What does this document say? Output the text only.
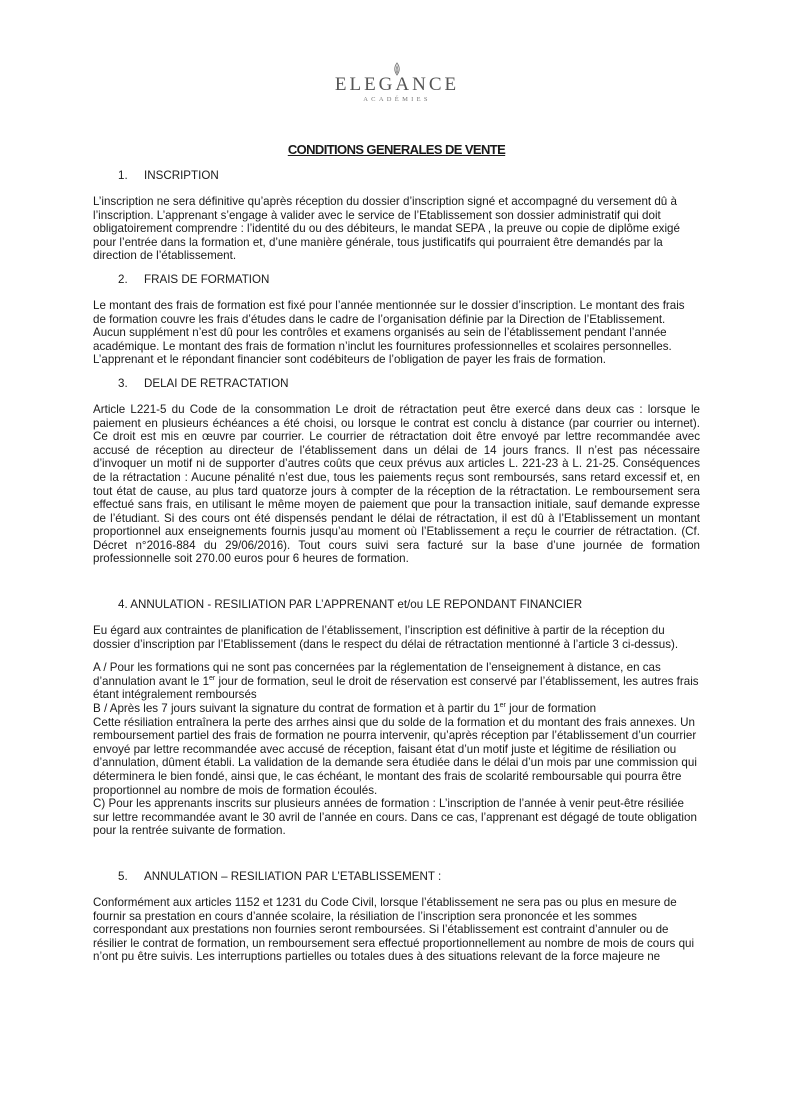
ELEGANCE
ACADÉMIES
CONDITIONS GENERALES DE VENTE
1. INSCRIPTION

L’inscription ne sera définitive qu’après réception du dossier d’inscription signé et accompagné du versement dû à l’inscription. L’apprenant s’engage à valider avec le service de l’Etablissement son dossier administratif qui doit obligatoirement comprendre : l’identité du ou des débiteurs, le mandat SEPA , la preuve ou copie de diplôme exigé pour l’entrée dans la formation et, d’une manière générale, tous justificatifs qui pourraient être demandés par la direction de l’établissement.

2. FRAIS DE FORMATION

Le montant des frais de formation est fixé pour l’année mentionnée sur le dossier d’inscription. Le montant des frais de formation couvre les frais d’études dans le cadre de l’organisation définie par la Direction de l’Etablissement. Aucun supplément n’est dû pour les contrôles et examens organisés au sein de l’établissement pendant l’année académique. Le montant des frais de formation n’inclut les fournitures professionnelles et scolaires personnelles. L’apprenant et le répondant financier sont codébiteurs de l’obligation de payer les frais de formation.

3. DELAI DE RETRACTATION

Article L221-5 du Code de la consommation Le droit de rétractation peut être exercé dans deux cas : lorsque le paiement en plusieurs échéances a été choisi, ou lorsque le contrat est conclu à distance (par courrier ou internet). Ce droit est mis en œuvre par courrier. Le courrier de rétractation doit être envoyé par lettre recommandée avec accusé de réception au directeur de l’établissement dans un délai de 14 jours francs. Il n’est pas nécessaire d’invoquer un motif ni de supporter d’autres coûts que ceux prévus aux articles L. 221-23 à L. 21-25. Conséquences de la rétractation : Aucune pénalité n’est due, tous les paiements reçus sont remboursés, sans retard excessif et, en tout état de cause, au plus tard quatorze jours à compter de la réception de la rétractation. Le remboursement sera effectué sans frais, en utilisant le même moyen de paiement que pour la transaction initiale, sauf demande expresse de l’étudiant. Si des cours ont été dispensés pendant le délai de rétractation, il est dû à l’Etablissement un montant proportionnel aux enseignements fournis jusqu’au moment où l’Etablissement a reçu le courrier de rétractation. (Cf. Décret n°2016-884 du 29/06/2016). Tout cours suivi sera facturé sur la base d’une journée de formation professionnelle soit 270.00 euros pour 6 heures de formation.

4. ANNULATION - RESILIATION PAR L’APPRENANT et/ou LE REPONDANT FINANCIER

Eu égard aux contraintes de planification de l’établissement, l’inscription est définitive à partir de la réception du dossier d’inscription par l’Etablissement (dans le respect du délai de rétractation mentionné à l’article 3 ci-dessus).

A / Pour les formations qui ne sont pas concernées par la réglementation de l’enseignement à distance, en cas d’annulation avant le 1er jour de formation, seul le droit de réservation est conservé par l’établissement, les autres frais étant intégralement remboursés

B / Après les 7 jours suivant la signature du contrat de formation et à partir du 1er jour de formation

Cette résiliation entraînera la perte des arrhes ainsi que du solde de la formation et du montant des frais annexes. Un remboursement partiel des frais de formation ne pourra intervenir, qu’après réception par l’établissement d’un courrier envoyé par lettre recommandée avec accusé de réception, faisant état d’un motif juste et légitime de résiliation ou d’annulation, dûment établi. La validation de la demande sera étudiée dans le délai d’un mois par une commission qui déterminera le bien fondé, ainsi que, le cas échéant, le montant des frais de scolarité remboursable qui pourra être proportionnel au nombre de mois de formation écoulés.

C) Pour les apprenants inscrits sur plusieurs années de formation : L’inscription de l’année à venir peut-être résiliée sur lettre recommandée avant le 30 avril de l’année en cours. Dans ce cas, l’apprenant est dégagé de toute obligation pour la rentrée suivante de formation.

5. ANNULATION – RESILIATION PAR L’ETABLISSEMENT :

Conformément aux articles 1152 et 1231 du Code Civil, lorsque l’établissement ne sera pas ou plus en mesure de fournir sa prestation en cours d’année scolaire, la résiliation de l’inscription sera prononcée et les sommes correspondant aux prestations non fournies seront remboursées. Si l’établissement est contraint d’annuler ou de résilier le contrat de formation, un remboursement sera effectué proportionnellement au nombre de mois de cours qui n’ont pu être suivis. Les interruptions partielles ou totales dues à des situations relevant de la force majeure ne
